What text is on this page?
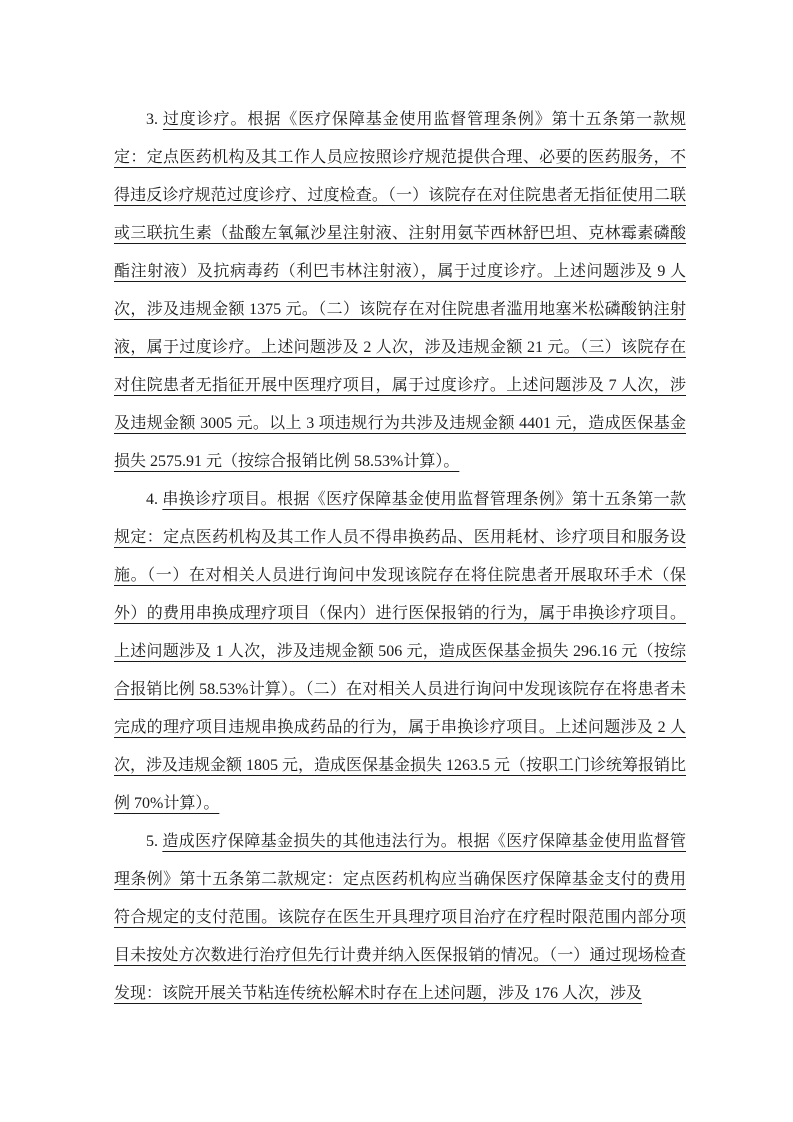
3. 过度诊疗。根据《医疗保障基金使用监督管理条例》第十五条第一款规定：定点医药机构及其工作人员应按照诊疗规范提供合理、必要的医药服务，不得违反诊疗规范过度诊疗、过度检查。（一）该院存在对住院患者无指征使用二联或三联抗生素（盐酸左氧氟沙星注射液、注射用氨苄西林舒巴坦、克林霉素磷酸酯注射液）及抗病毒药（利巴韦林注射液），属于过度诊疗。上述问题涉及 9 人次，涉及违规金额 1375 元。（二）该院存在对住院患者滥用地塞米松磷酸钠注射液，属于过度诊疗。上述问题涉及 2 人次，涉及违规金额 21 元。（三）该院存在对住院患者无指征开展中医理疗项目，属于过度诊疗。上述问题涉及 7 人次，涉及违规金额 3005 元。以上 3 项违规行为共涉及违规金额 4401 元，造成医保基金损失 2575.91 元（按综合报销比例 58.53%计算）。

4. 串换诊疗项目。根据《医疗保障基金使用监督管理条例》第十五条第一款规定：定点医药机构及其工作人员不得串换药品、医用耗材、诊疗项目和服务设施。（一）在对相关人员进行询问中发现该院存在将住院患者开展取环手术（保外）的费用串换成理疗项目（保内）进行医保报销的行为，属于串换诊疗项目。上述问题涉及 1 人次，涉及违规金额 506 元，造成医保基金损失 296.16 元（按综合报销比例 58.53%计算）。（二）在对相关人员进行询问中发现该院存在将患者未完成的理疗项目违规串换成药品的行为，属于串换诊疗项目。上述问题涉及 2 人次，涉及违规金额 1805 元，造成医保基金损失 1263.5 元（按职工门诊统筹报销比例 70%计算）。

5. 造成医疗保障基金损失的其他违法行为。根据《医疗保障基金使用监督管理条例》第十五条第二款规定：定点医药机构应当确保医疗保障基金支付的费用符合规定的支付范围。该院存在医生开具理疗项目治疗在疗程时限范围内部分项目未按处方次数进行治疗但先行计费并纳入医保报销的情况。（一）通过现场检查发现：该院开展关节粘连传统松解术时存在上述问题，涉及 176 人次，涉及
